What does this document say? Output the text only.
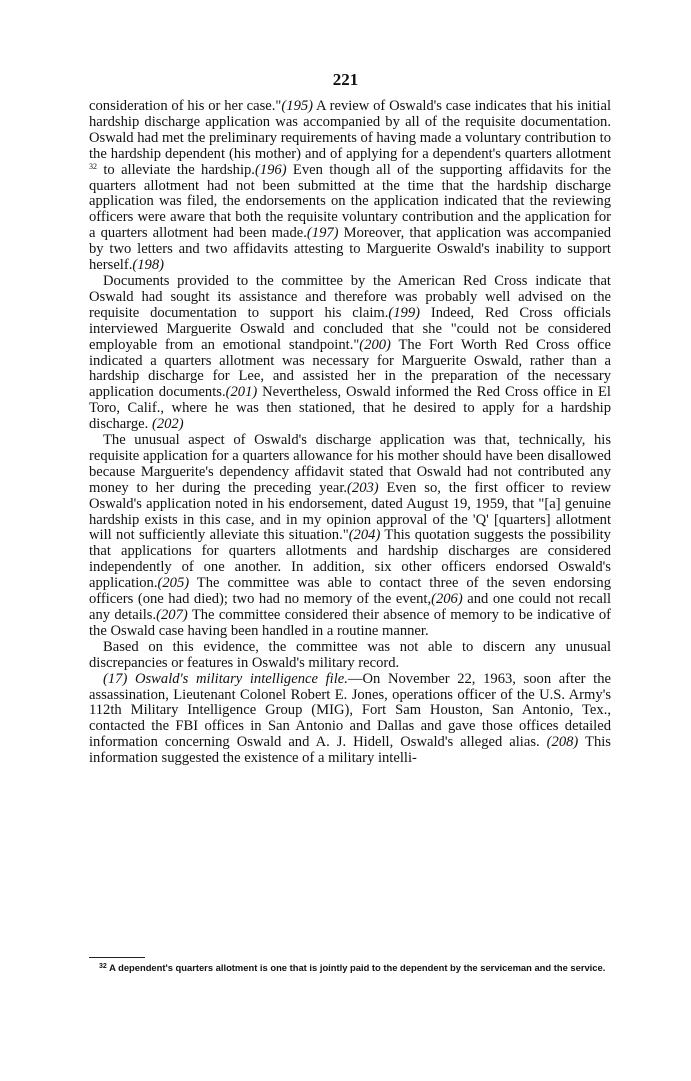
221

consideration of his or her case."(195) A review of Oswald's case indicates that his initial hardship discharge application was accompanied by all of the requisite documentation. Oswald had met the preliminary requirements of having made a voluntary contribution to the hardship dependent (his mother) and of applying for a dependent's quarters allotment $^{32}$ to alleviate the hardship.(196) Even though all of the supporting affidavits for the quarters allotment had not been submitted at the time that the hardship discharge application was filed, the endorsements on the application indicated that the reviewing officers were aware that both the requisite voluntary contribution and the application for a quarters allotment had been made.(197) Moreover, that application was accompanied by two letters and two affidavits attesting to Marguerite Oswald's inability to support herself.(198)

Documents provided to the committee by the American Red Cross indicate that Oswald had sought its assistance and therefore was probably well advised on the requisite documentation to support his claim.(199) Indeed, Red Cross officials interviewed Marguerite Oswald and concluded that she "could not be considered employable from an emotional standpoint."(200) The Fort Worth Red Cross office indicated a quarters allotment was necessary for Marguerite Oswald, rather than a hardship discharge for Lee, and assisted her in the preparation of the necessary application documents.(201) Nevertheless, Oswald informed the Red Cross office in El Toro, Calif., where he was then stationed, that he desired to apply for a hardship discharge. (202)

The unusual aspect of Oswald's discharge application was that, technically, his requisite application for a quarters allowance for his mother should have been disallowed because Marguerite's dependency affidavit stated that Oswald had not contributed any money to her during the preceding year.(203) Even so, the first officer to review Oswald's application noted in his endorsement, dated August 19, 1959, that "[a] genuine hardship exists in this case, and in my opinion approval of the 'Q' [quarters] allotment will not sufficiently alleviate this situation."(204) This quotation suggests the possibility that applications for quarters allotments and hardship discharges are considered independently of one another. In addition, six other officers endorsed Oswald's application.(205) The committee was able to contact three of the seven endorsing officers (one had died); two had no memory of the event,(206) and one could not recall any details.(207) The committee considered their absence of memory to be indicative of the Oswald case having been handled in a routine manner.

Based on this evidence, the committee was not able to discern any unusual discrepancies or features in Oswald's military record.

(17) Oswald's military intelligence file.—On November 22, 1963, soon after the assassination, Lieutenant Colonel Robert E. Jones, operations officer of the U.S. Army's 112th Military Intelligence Group (MIG), Fort Sam Houston, San Antonio, Tex., contacted the FBI offices in San Antonio and Dallas and gave those offices detailed information concerning Oswald and A. J. Hidell, Oswald's alleged alias. (208) This information suggested the existence of a military intelli-

$^{32}$ A dependent's quarters allotment is one that is jointly paid to the dependent by the serviceman and the service.
